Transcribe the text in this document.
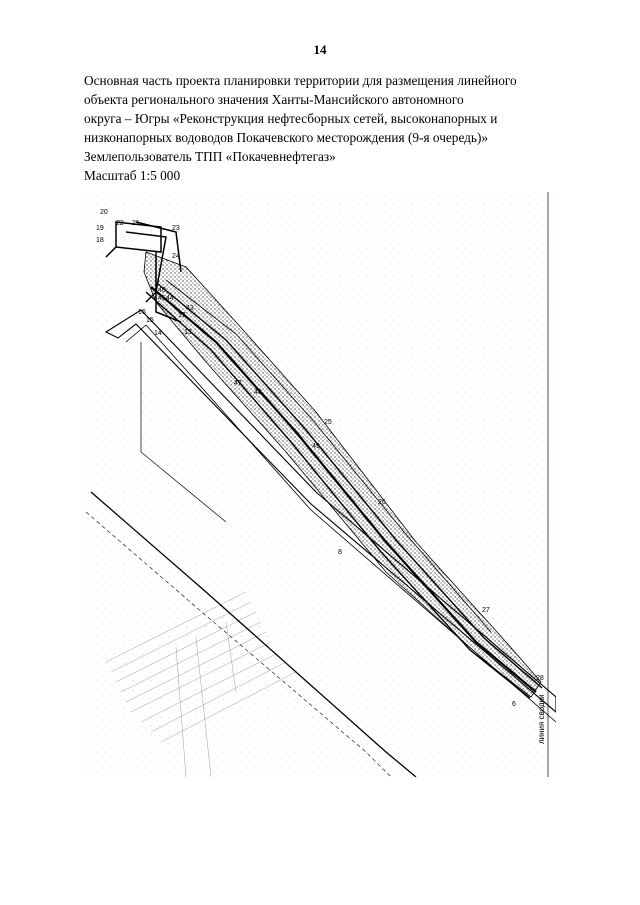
14
Основная часть проекта планировки территории для размещения линейного
объекта регионального значения Ханты-Мансийского автономного
округа – Югры «Реконструкция нефтесборных сетей, высоконапорных и
низконапорных водоводов Покачевского месторождения (9-я очередь)»
Землепользователь ТПП «Покачевнефтегаз»
Масштаб 1:5 000
20
19
22 21
18
23
24
40
45 44
16
15
14
17
43
13
47
48
25
49
26
8
27
28
6	линия сводки
